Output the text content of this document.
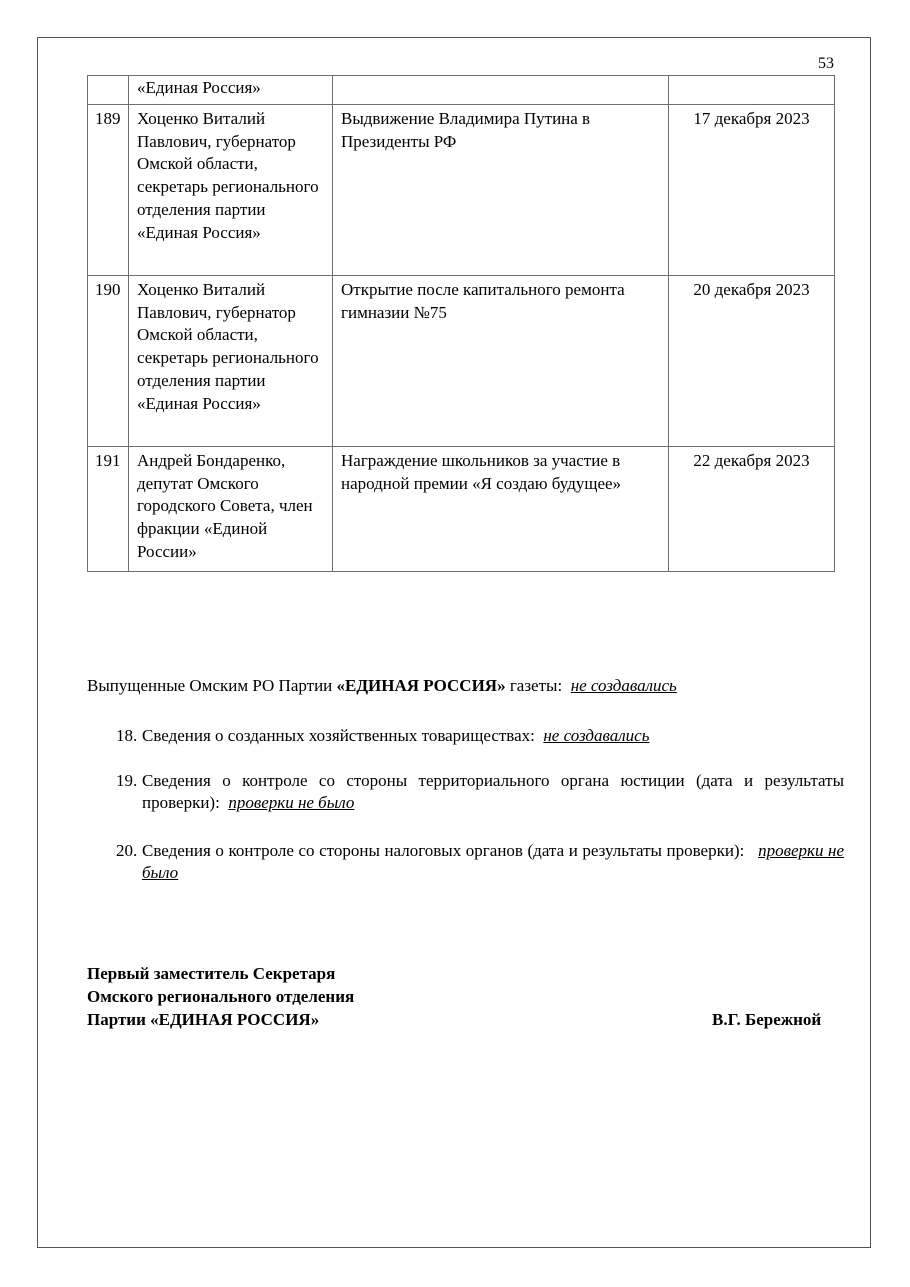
53
	«Единая Россия»		
189	Хоценко Виталий Павлович, губернатор Омской области, секретарь регионального отделения партии «Единая Россия»	Выдвижение Владимира Путина в Президенты РФ	17 декабря 2023
190	Хоценко Виталий Павлович, губернатор Омской области, секретарь регионального отделения партии «Единая Россия»	Открытие после капитального ремонта гимназии №75	20 декабря 2023
191	Андрей Бондаренко, депутат Омского городского Совета, член фракции «Единой России»	Награждение школьников за участие в народной премии «Я создаю будущее»	22 декабря 2023
Выпущенные Омским РО Партии «ЕДИНАЯ РОССИЯ» газеты:  не создавались
18. Сведения о созданных хозяйственных товариществах:  не создавались
19. Сведения о контроле со стороны территориального органа юстиции (дата и результаты проверки):  проверки не было
20. Сведения о контроле со стороны налоговых органов (дата и результаты проверки):   проверки не было
Первый заместитель Секретаря
Омского регионального отделения
Партии «ЕДИНАЯ РОССИЯ»	В.Г. Бережной
